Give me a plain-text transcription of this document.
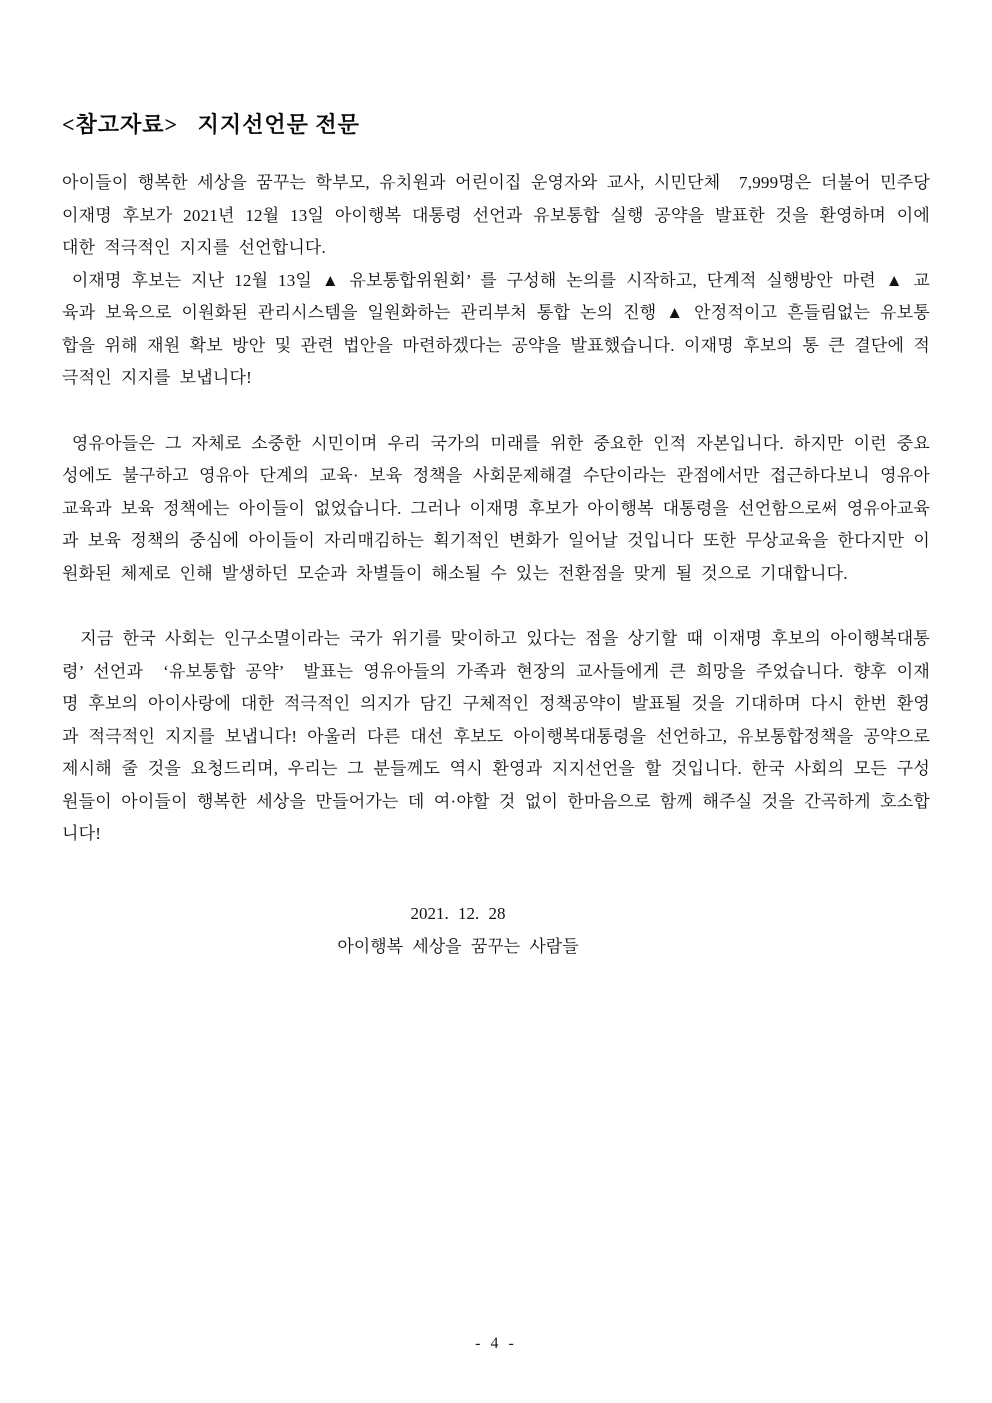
<참고자료>   지지선언문 전문

아이들이 행복한 세상을 꿈꾸는 학부모, 유치원과 어린이집 운영자와 교사, 시민단체  7,999명은 더불어 민주당 이재명 후보가 2021년 12월 13일 아이행복 대통령 선언과 유보통합 실행 공약을 발표한 것을 환영하며 이에 대한 적극적인 지지를 선언합니다.

이재명 후보는 지난 12월 13일 ▲ 유보통합위원회’ 를 구성해 논의를 시작하고, 단계적 실행방안 마련 ▲ 교육과 보육으로 이원화된 관리시스템을 일원화하는 관리부처 통합 논의 진행 ▲ 안정적이고 흔들림없는 유보통합을 위해 재원 확보 방안 및 관련 법안을 마련하겠다는 공약을 발표했습니다. 이재명 후보의 통 큰 결단에 적극적인 지지를 보냅니다!

영유아들은 그 자체로 소중한 시민이며 우리 국가의 미래를 위한 중요한 인적 자본입니다. 하지만 이런 중요성에도 불구하고 영유아 단계의 교육· 보육 정책을 사회문제해결 수단이라는 관점에서만 접근하다보니 영유아교육과 보육 정책에는 아이들이 없었습니다. 그러나 이재명 후보가 아이행복 대통령을 선언함으로써 영유아교육과 보육 정책의 중심에 아이들이 자리매김하는 획기적인 변화가 일어날 것입니다 또한 무상교육을 한다지만 이원화된 체제로 인해 발생하던 모순과 차별들이 해소될 수 있는 전환점을 맞게 될 것으로 기대합니다.

지금 한국 사회는 인구소멸이라는 국가 위기를 맞이하고 있다는 점을 상기할 때 이재명 후보의 아이행복대통령’ 선언과  ‘유보통합 공약’  발표는 영유아들의 가족과 현장의 교사들에게 큰 희망을 주었습니다. 향후 이재명 후보의 아이사랑에 대한 적극적인 의지가 담긴 구체적인 정책공약이 발표될 것을 기대하며 다시 한번 환영과 적극적인 지지를 보냅니다! 아울러 다른 대선 후보도 아이행복대통령을 선언하고, 유보통합정책을 공약으로 제시해 줄 것을 요청드리며, 우리는 그 분들께도 역시 환영과 지지선언을 할 것입니다. 한국 사회의 모든 구성원들이 아이들이 행복한 세상을 만들어가는 데 여·야할 것 없이 한마음으로 함께 해주실 것을 간곡하게 호소합니다!

2021. 12. 28
아이행복 세상을 꿈꾸는 사람들
- 4 -
